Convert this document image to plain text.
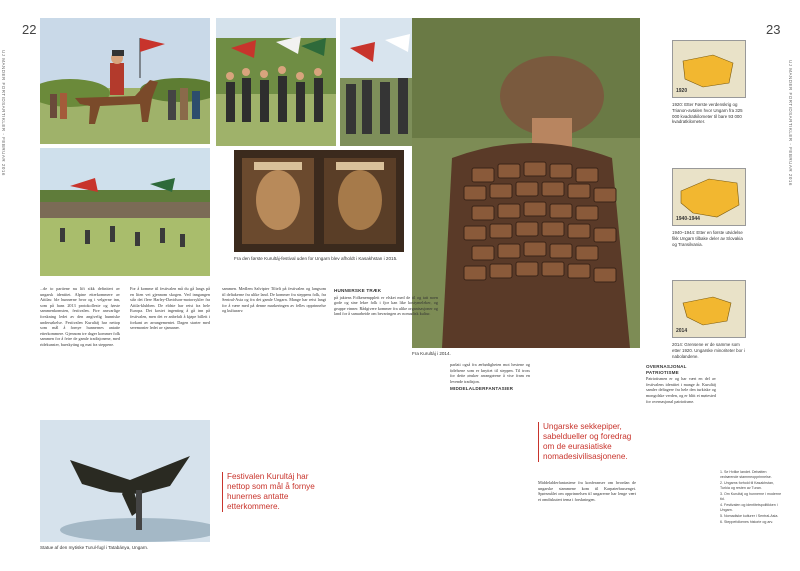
22	23
UJ MANDER FORTIDSARTIKLER - FEBRUAR 2016	UJ MANDER FORTIDSARTIKLER - FEBRUAR 2016
Fra den første Kurultáj-festival uden for Ungarn blev afholdt i Kasakhstan i 2015.
Statue af den mytiske Turul-fugl i Tatabánya, Ungarn.
Fra Kurultáj i 2014.
1920
1920: Etter Første verdenskrig og Trianon-avtalen hvor Ungarn fra 325 000 kvadratkilometer til bare 93 000 kvadratkilometer.
1940-1944
1940–1944: Etter en første utvidelse fikk Ungarn tilbake deler av Slovakia og Transilvania.
2014
2014: Grensene er de samme som etter 1920. Ungarske minoriteter bor i nabolandene.

...de to partiene nu lift sikk definitert av ungarsk identitet. Alpine etterkommere av Attilas: ble hunnerne hvor og i velgerne inn, som på hans 2013 protokolleste og første sammenkomsten, festivalen. Fire ansvarlige forskning ledet av den angivelig hunniske undersøkelse. Festivalen Kurultáj har nettop som mål å fornye hunnernes antatte etterkommere. Gjennom tre dager kommer folk sammen for å feire de gamle tradisjonene, med ridekunster, bueskyting og mat fra steppene.

For å komme til festivalen må du gå langs på en liten vei gjennom skogen. Ved inngangen står det flere Harley-Davidson-motorsykler fra Attila-klubben. De eldste har reist fra hele Europa. Det kostet ingenting å gå inn på festivalen, men det er anbefalt å kjøpe billett i forkant av arrangementet. Dagen starter med seremonier ledet av sjamaner.

Festivalen Kurultáj har nettop som mål å fornye hunernes antatte etterkommere.

sammen. Medlem Salvipter Tiltelt på festivalen og langsom til deltakerne fra ulike land. De kommer fra steppens folk, fra Sentral-Asia og fra det gamle Ungarn. Mange har reist langt for å være med på denne markeringen av felles opprinnelse og kulturarv.

HUNNERSKE TRÆK

på jaktens Folkenemppleit er elsket med de til og tatt noen gode og sine lekre folk i fjor kan like kostymeleker, og gruppe vinner. Rådgivere kommer fra ulike organisasjoner og land for å samarbeide om bevaringen av nomadisk kultur.

parlati også fra ærbødigheten mot hestene og følelsene som er knyttet til steppen. Til tross for dette ønsker arrangørene å vise fram en levende tradisjon.

MIDDELALDERFANTASIER
Ungarske sekkepiper, sabeldueller og foredrag om de eurasiatiske nomadesivilisasjonene.

Middelalderfantasiene fra konferanser om hvordan de ungarske stammene kom til Karpaterbassenget. Spørsmålet om opprinnelsen til ungarerne har lenge vært et omdiskutert tema i forskningen.

OVERNASJONAL PATRIOTISME

Patriotismen er og har vært en del av festivalens identitet i mange år. Kurultáj samler deltagere fra hele den turkiske og mongolske verden, og er blitt et møtested for overnasjonal patriotisme.

1. Se Hvilke landet. Debatten vedrørende stammeopprinnelse.
2. Ungarns forhold til Kasakhstan, Turkia og resten av Turan.
3. Om Kurultáj og hunnerne i moderne tid.
4. Festivalen og identitetspolitikken i Ungarn.
5. Nomadiske kulturer i Sentral-Asia.
6. Steppefolkenes historie og arv.
